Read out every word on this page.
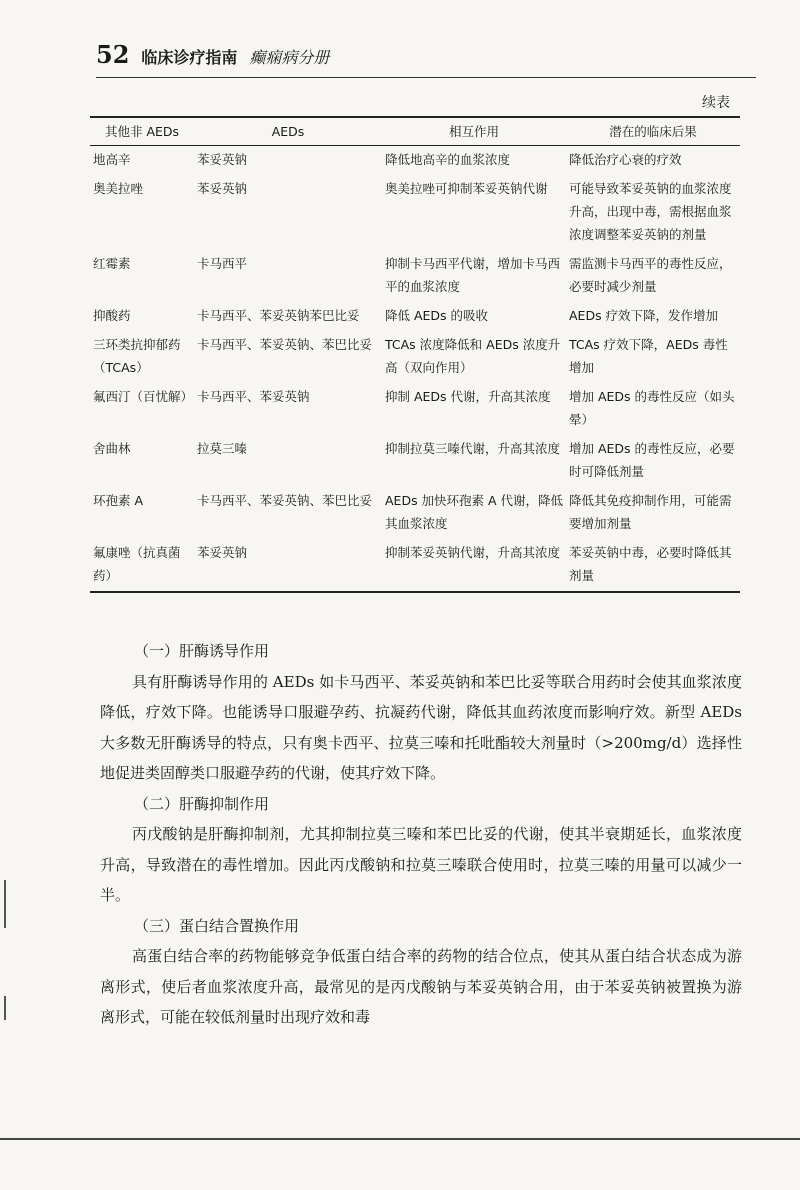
52 临床诊疗指南 癫痫病分册
续表
其他非 AEDs	AEDs	相互作用	潜在的临床后果
地高辛	苯妥英钠	降低地高辛的血浆浓度	降低治疗心衰的疗效
奥美拉唑	苯妥英钠	奥美拉唑可抑制苯妥英钠代谢	可能导致苯妥英钠的血浆浓度升高，出现中毒，需根据血浆浓度调整苯妥英钠的剂量
红霉素	卡马西平	抑制卡马西平代谢，增加卡马西平的血浆浓度	需监测卡马西平的毒性反应，必要时减少剂量
抑酸药	卡马西平、苯妥英钠苯巴比妥	降低 AEDs 的吸收	AEDs 疗效下降，发作增加
三环类抗抑郁药（TCAs）	卡马西平、苯妥英钠、苯巴比妥	TCAs 浓度降低和 AEDs 浓度升高（双向作用）	TCAs 疗效下降，AEDs 毒性增加
氟西汀（百忧解）	卡马西平、苯妥英钠	抑制 AEDs 代谢，升高其浓度	增加 AEDs 的毒性反应（如头晕）
舍曲林	拉莫三嗪	抑制拉莫三嗪代谢，升高其浓度	增加 AEDs 的毒性反应，必要时可降低剂量
环孢素 A	卡马西平、苯妥英钠、苯巴比妥	AEDs 加快环孢素 A 代谢，降低其血浆浓度	降低其免疫抑制作用，可能需要增加剂量
氟康唑（抗真菌药）	苯妥英钠	抑制苯妥英钠代谢，升高其浓度	苯妥英钠中毒，必要时降低其剂量
（一）肝酶诱导作用

具有肝酶诱导作用的 AEDs 如卡马西平、苯妥英钠和苯巴比妥等联合用药时会使其血浆浓度降低，疗效下降。也能诱导口服避孕药、抗凝药代谢，降低其血药浓度而影响疗效。新型 AEDs 大多数无肝酶诱导的特点，只有奥卡西平、拉莫三嗪和托吡酯较大剂量时（>200mg/d）选择性地促进类固醇类口服避孕药的代谢，使其疗效下降。

（二）肝酶抑制作用

丙戊酸钠是肝酶抑制剂，尤其抑制拉莫三嗪和苯巴比妥的代谢，使其半衰期延长，血浆浓度升高，导致潜在的毒性增加。因此丙戊酸钠和拉莫三嗪联合使用时，拉莫三嗪的用量可以减少一半。

（三）蛋白结合置换作用

高蛋白结合率的药物能够竞争低蛋白结合率的药物的结合位点，使其从蛋白结合状态成为游离形式，使后者血浆浓度升高，最常见的是丙戊酸钠与苯妥英钠合用，由于苯妥英钠被置换为游离形式，可能在较低剂量时出现疗效和毒
